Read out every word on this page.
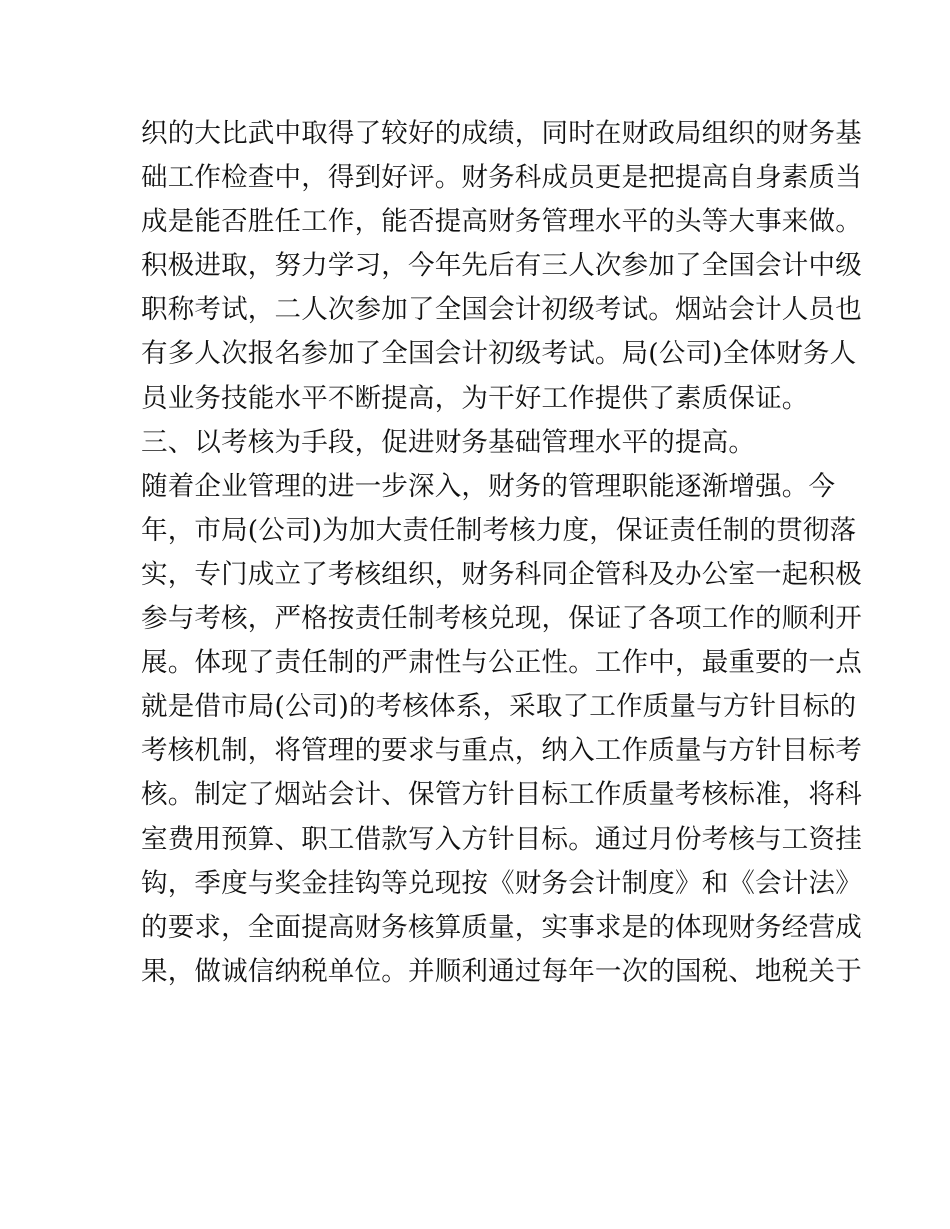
织的大比武中取得了较好的成绩，同时在财政局组织的财务基
础工作检查中，得到好评。财务科成员更是把提高自身素质当
成是能否胜任工作，能否提高财务管理水平的头等大事来做。
积极进取，努力学习，今年先后有三人次参加了全国会计中级
职称考试，二人次参加了全国会计初级考试。烟站会计人员也
有多人次报名参加了全国会计初级考试。局(公司)全体财务人
员业务技能水平不断提高，为干好工作提供了素质保证。
三、以考核为手段，促进财务基础管理水平的提高。
随着企业管理的进一步深入，财务的管理职能逐渐增强。今
年，市局(公司)为加大责任制考核力度，保证责任制的贯彻落
实，专门成立了考核组织，财务科同企管科及办公室一起积极
参与考核，严格按责任制考核兑现，保证了各项工作的顺利开
展。体现了责任制的严肃性与公正性。工作中，最重要的一点
就是借市局(公司)的考核体系，采取了工作质量与方针目标的
考核机制，将管理的要求与重点，纳入工作质量与方针目标考
核。制定了烟站会计、保管方针目标工作质量考核标准，将科
室费用预算、职工借款写入方针目标。通过月份考核与工资挂
钩，季度与奖金挂钩等兑现按《财务会计制度》和《会计法》
的要求，全面提高财务核算质量，实事求是的体现财务经营成
果，做诚信纳税单位。并顺利通过每年一次的国税、地税关于
